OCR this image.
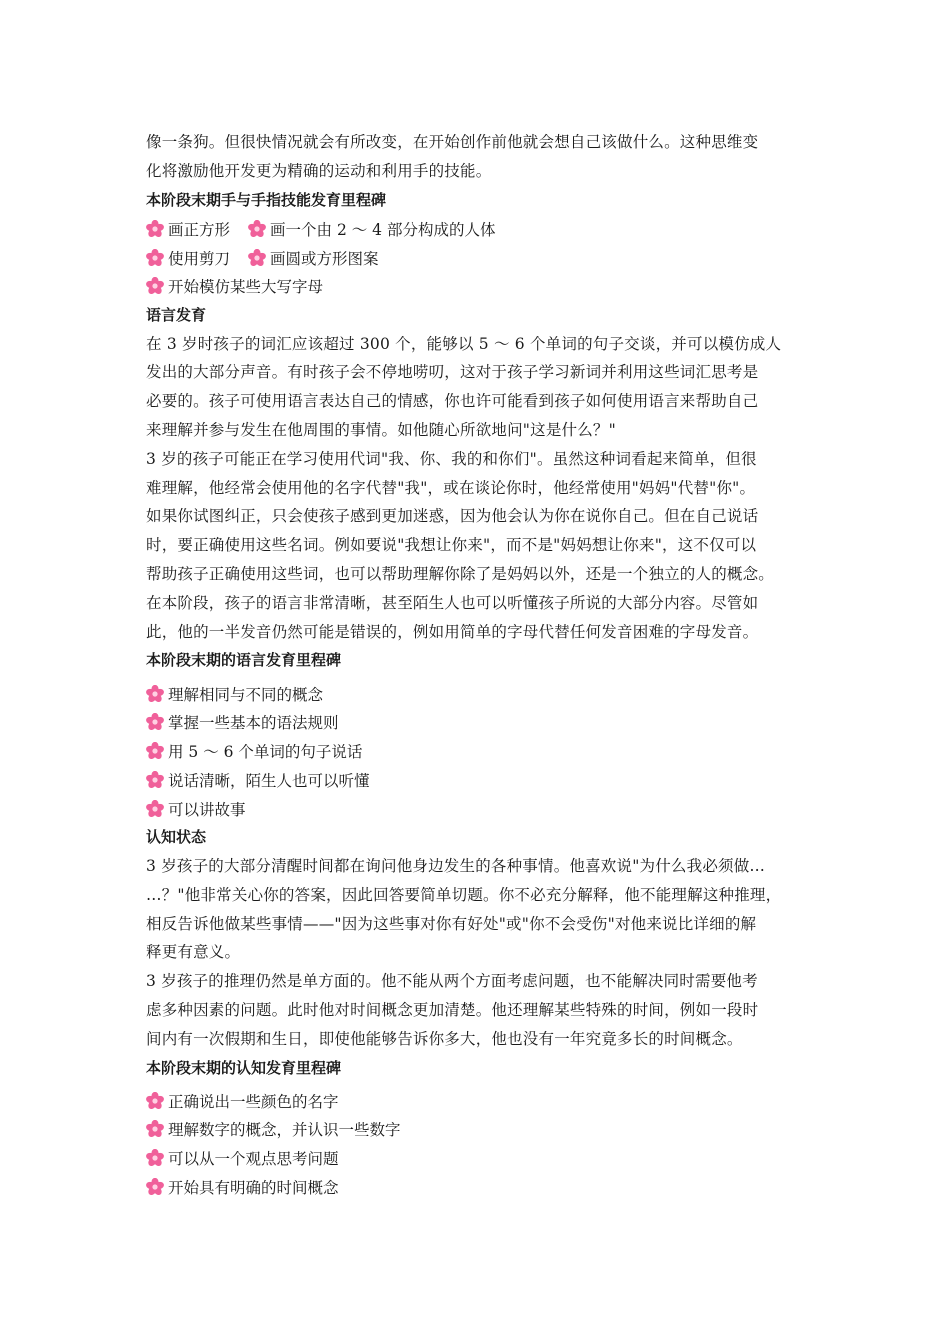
像一条狗。但很快情况就会有所改变，在开始创作前他就会想自己该做什么。这种思维变

化将激励他开发更为精确的运动和利用手的技能。

本阶段末期手与手指技能发育里程碑

画正方形	画一个由 2 ～ 4 部分构成的人体
使用剪刀	画圆或方形图案
开始模仿某些大写字母

语言发育

在 3 岁时孩子的词汇应该超过 300 个，能够以 5 ～ 6 个单词的句子交谈，并可以模仿成人

发出的大部分声音。有时孩子会不停地唠叨，这对于孩子学习新词并利用这些词汇思考是

必要的。孩子可使用语言表达自己的情感，你也许可能看到孩子如何使用语言来帮助自己

来理解并参与发生在他周围的事情。如他随心所欲地问"这是什么？"

3 岁的孩子可能正在学习使用代词"我、你、我的和你们"。虽然这种词看起来简单，但很

难理解，他经常会使用他的名字代替"我"，或在谈论你时，他经常使用"妈妈"代替"你"。

如果你试图纠正，只会使孩子感到更加迷惑，因为他会认为你在说你自己。但在自己说话

时，要正确使用这些名词。例如要说"我想让你来"，而不是"妈妈想让你来"，这不仅可以

帮助孩子正确使用这些词，也可以帮助理解你除了是妈妈以外，还是一个独立的人的概念。

在本阶段，孩子的语言非常清晰，甚至陌生人也可以听懂孩子所说的大部分内容。尽管如

此，他的一半发音仍然可能是错误的，例如用简单的字母代替任何发音困难的字母发音。

本阶段末期的语言发育里程碑

理解相同与不同的概念
掌握一些基本的语法规则
用 5 ～ 6 个单词的句子说话
说话清晰，陌生人也可以听懂
可以讲故事

认知状态

3 岁孩子的大部分清醒时间都在询问他身边发生的各种事情。他喜欢说"为什么我必须做…

…？"他非常关心你的答案，因此回答要简单切题。你不必充分解释，他不能理解这种推理，

相反告诉他做某些事情——"因为这些事对你有好处"或"你不会受伤"对他来说比详细的解

释更有意义。

3 岁孩子的推理仍然是单方面的。他不能从两个方面考虑问题，也不能解决同时需要他考

虑多种因素的问题。此时他对时间概念更加清楚。他还理解某些特殊的时间，例如一段时

间内有一次假期和生日，即使他能够告诉你多大，他也没有一年究竟多长的时间概念。

本阶段末期的认知发育里程碑

正确说出一些颜色的名字
理解数字的概念，并认识一些数字
可以从一个观点思考问题
开始具有明确的时间概念
